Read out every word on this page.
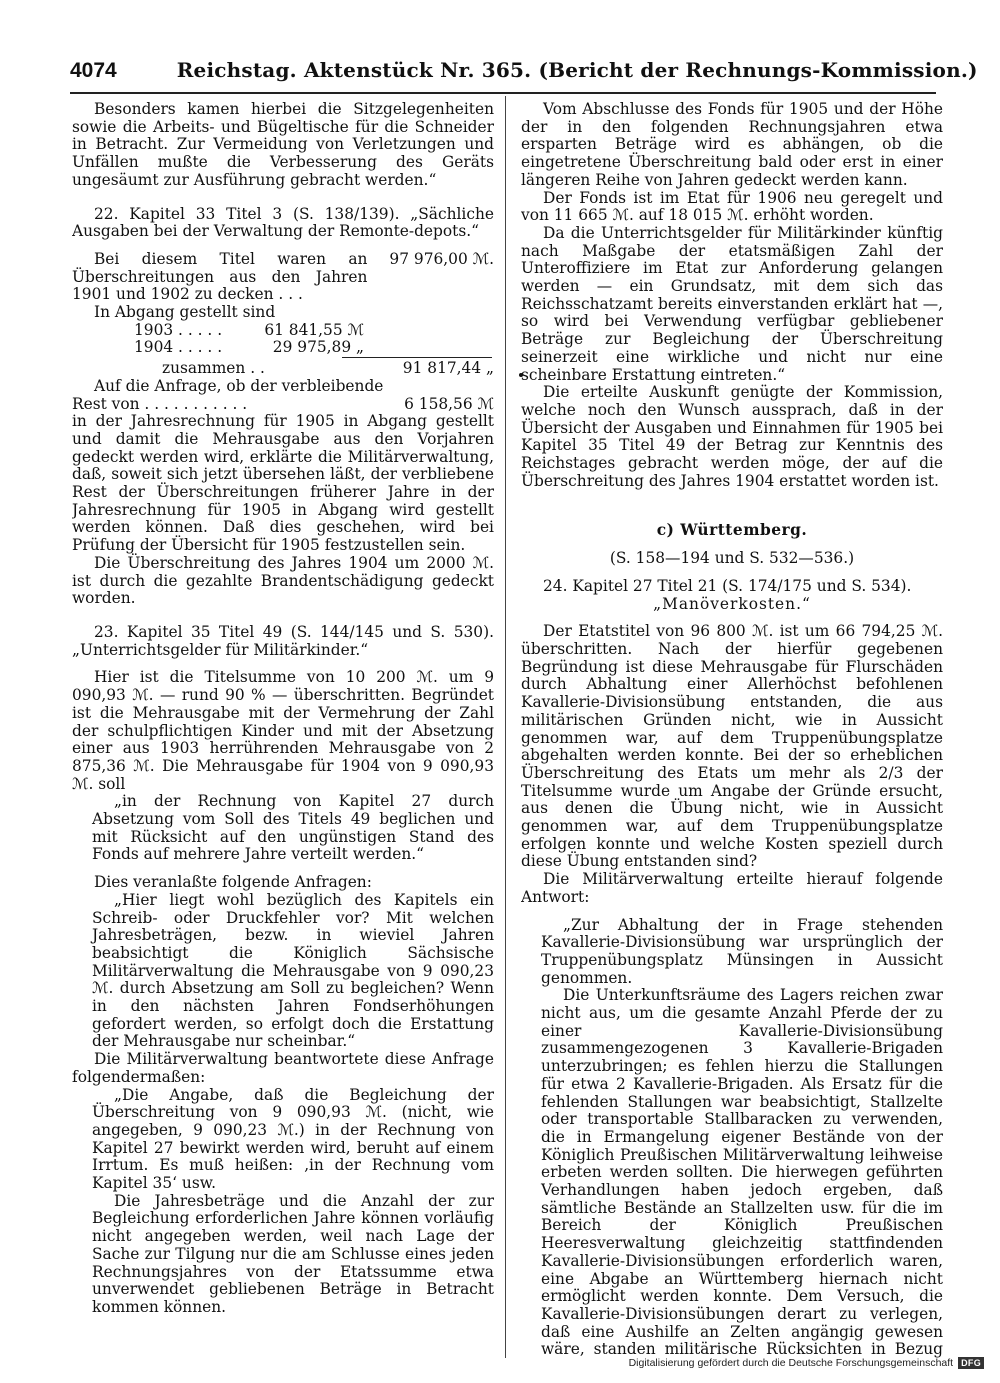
4074	Reichstag. Aktenstück Nr. 365. (Bericht der Rechnungs-Kommission.)

Besonders kamen hierbei die Sitzgelegenheiten sowie die Arbeits- und Bügeltische für die Schneider in Betracht. Zur Vermeidung von Verletzungen und Unfällen mußte die Verbesserung des Geräts ungesäumt zur Ausführung gebracht werden.“

22. Kapitel 33 Titel 3 (S. 138/139). „Sächliche Ausgaben bei der Verwaltung der Remonte-depots.“

Bei diesem Titel waren an Überschreitungen aus den Jahren 1901 und 1902 zu decken . . .
97 976,00 ℳ.

In Abgang gestellt sind

1903 . . . . .	61 841,55 ℳ
1904 . . . . .	29 975,89 „
zusammen . .	91 817,44 „

Auf die Anfrage, ob der verbleibende

Rest von . . . . . . . . . . .	6 158,56 ℳ

in der Jahresrechnung für 1905 in Abgang gestellt und damit die Mehrausgabe aus den Vorjahren gedeckt werden wird, erklärte die Militärverwaltung, daß, soweit sich jetzt übersehen läßt, der verbliebene Rest der Überschreitungen früherer Jahre in der Jahresrechnung für 1905 in Abgang wird gestellt werden können. Daß dies geschehen, wird bei Prüfung der Übersicht für 1905 festzustellen sein.

Die Überschreitung des Jahres 1904 um 2000 ℳ. ist durch die gezahlte Brandentschädigung gedeckt worden.

23. Kapitel 35 Titel 49 (S. 144/145 und S. 530). „Unterrichtsgelder für Militärkinder.“

Hier ist die Titelsumme von 10 200 ℳ. um 9 090,93 ℳ. — rund 90 % — überschritten. Begründet ist die Mehrausgabe mit der Vermehrung der Zahl der schulpflichtigen Kinder und mit der Absetzung einer aus 1903 herrührenden Mehrausgabe von 2 875,36 ℳ. Die Mehrausgabe für 1904 von 9 090,93 ℳ. soll

„in der Rechnung von Kapitel 27 durch Absetzung vom Soll des Titels 49 beglichen und mit Rücksicht auf den ungünstigen Stand des Fonds auf mehrere Jahre verteilt werden.“

Dies veranlaßte folgende Anfragen:

„Hier liegt wohl bezüglich des Kapitels ein Schreib- oder Druckfehler vor? Mit welchen Jahresbeträgen, bezw. in wieviel Jahren beabsichtigt die Königlich Sächsische Militärverwaltung die Mehrausgabe von 9 090,23 ℳ. durch Absetzung am Soll zu begleichen? Wenn in den nächsten Jahren Fondserhöhungen gefordert werden, so erfolgt doch die Erstattung der Mehrausgabe nur scheinbar.“

Die Militärverwaltung beantwortete diese Anfrage folgendermaßen:

„Die Angabe, daß die Begleichung der Überschreitung von 9 090,93 ℳ. (nicht, wie angegeben, 9 090,23 ℳ.) in der Rechnung von Kapitel 27 bewirkt werden wird, beruht auf einem Irrtum. Es muß heißen: ‚in der Rechnung vom Kapitel 35‘ usw.

Die Jahresbeträge und die Anzahl der zur Begleichung erforderlichen Jahre können vorläufig nicht angegeben werden, weil nach Lage der Sache zur Tilgung nur die am Schlusse eines jeden Rechnungsjahres von der Etatssumme etwa unverwendet gebliebenen Beträge in Betracht kommen können.

Vom Abschlusse des Fonds für 1905 und der Höhe der in den folgenden Rechnungsjahren etwa ersparten Beträge wird es abhängen, ob die eingetretene Überschreitung bald oder erst in einer längeren Reihe von Jahren gedeckt werden kann.

Der Fonds ist im Etat für 1906 neu geregelt und von 11 665 ℳ. auf 18 015 ℳ. erhöht worden.

Da die Unterrichtsgelder für Militärkinder künftig nach Maßgabe der etatsmäßigen Zahl der Unteroffiziere im Etat zur Anforderung gelangen werden — ein Grundsatz, mit dem sich das Reichsschatzamt bereits einverstanden erklärt hat —, so wird bei Verwendung verfügbar gebliebener Beträge zur Begleichung der Überschreitung seinerzeit eine wirkliche und nicht nur eine scheinbare Erstattung eintreten.“

Die erteilte Auskunft genügte der Kommission, welche noch den Wunsch aussprach, daß in der Übersicht der Ausgaben und Einnahmen für 1905 bei Kapitel 35 Titel 49 der Betrag zur Kenntnis des Reichstages gebracht werden möge, der auf die Überschreitung des Jahres 1904 erstattet worden ist.

c) Württemberg.

(S. 158—194 und S. 532—536.)

24. Kapitel 27 Titel 21 (S. 174/175 und S. 534).

„Manöverkosten.“

Der Etatstitel von 96 800 ℳ. ist um 66 794,25 ℳ. überschritten. Nach der hierfür gegebenen Begründung ist diese Mehrausgabe für Flurschäden durch Abhaltung einer Allerhöchst befohlenen Kavallerie-Divisionsübung entstanden, die aus militärischen Gründen nicht, wie in Aussicht genommen war, auf dem Truppenübungsplatze abgehalten werden konnte. Bei der so erheblichen Überschreitung des Etats um mehr als 2/3 der Titelsumme wurde um Angabe der Gründe ersucht, aus denen die Übung nicht, wie in Aussicht genommen war, auf dem Truppenübungsplatze erfolgen konnte und welche Kosten speziell durch diese Übung entstanden sind?

Die Militärverwaltung erteilte hierauf folgende Antwort:

„Zur Abhaltung der in Frage stehenden Kavallerie-Divisionsübung war ursprünglich der Truppenübungsplatz Münsingen in Aussicht genommen.

Die Unterkunftsräume des Lagers reichen zwar nicht aus, um die gesamte Anzahl Pferde der zu einer Kavallerie-Divisionsübung zusammengezogenen 3 Kavallerie-Brigaden unterzubringen; es fehlen hierzu die Stallungen für etwa 2 Kavallerie-Brigaden. Als Ersatz für die fehlenden Stallungen war beabsichtigt, Stallzelte oder transportable Stallbaracken zu verwenden, die in Ermangelung eigener Bestände von der Königlich Preußischen Militärverwaltung leihweise erbeten werden sollten. Die hierwegen geführten Verhandlungen haben jedoch ergeben, daß sämtliche Bestände an Stallzelten usw. für die im Bereich der Königlich Preußischen Heeresverwaltung gleichzeitig stattfindenden Kavallerie-Divisionsübungen erforderlich waren, eine Abgabe an Württemberg hiernach nicht ermöglicht werden konnte. Dem Versuch, die Kavallerie-Divisionsübungen derart zu verlegen, daß eine Aushilfe an Zelten angängig gewesen wäre, standen militärische Rücksichten in Bezug

Digitalisierung gefördert durch die Deutsche Forschungsgemeinschaft DFG
